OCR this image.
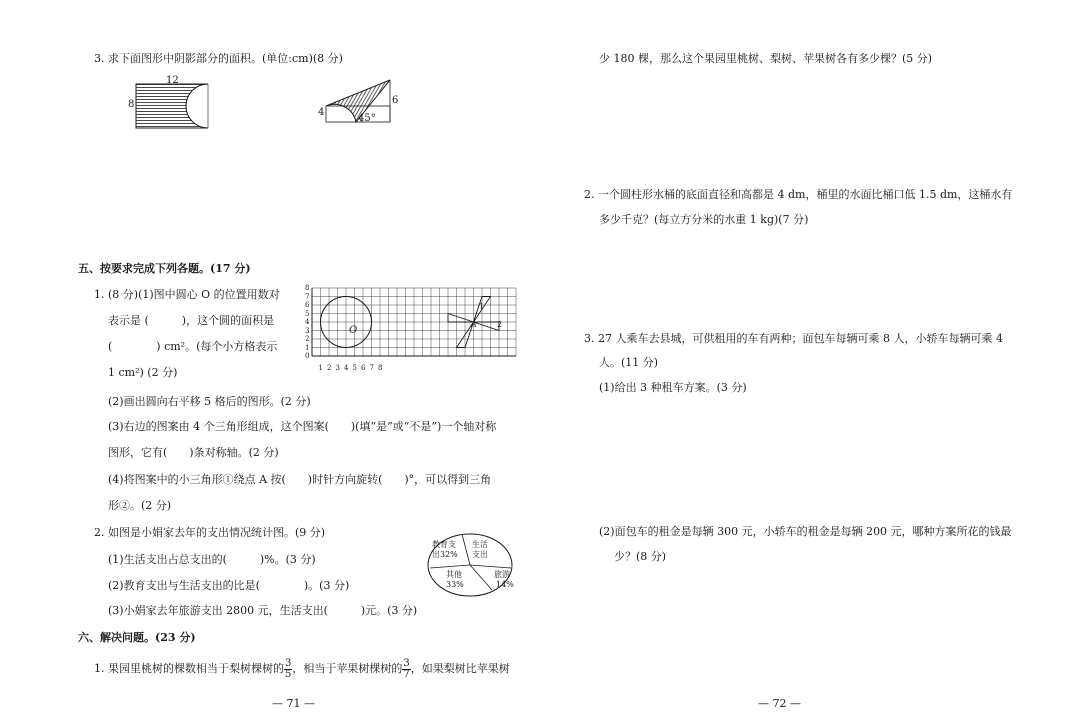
3. 求下面图形中阴影部分的面积。(单位:cm)(8 分)
12
8
4
6
45°
五、按要求完成下列各题。(17 分)
1. (8 分)(1)图中圆心 O 的位置用数对
表示是 (　　　)，这个圆的面积是
(　　　　) cm²。(每个小方格表示
1 cm²) (2 分)
8
7
6
5
4
3
2
1
0
1 2 3 4 5 6 7 8
O
1
2
A
(2)画出圆向右平移 5 格后的图形。(2 分)
(3)右边的图案由 4 个三角形组成，这个图案(　　)(填“是”或“不是”)一个轴对称
图形，它有(　　)条对称轴。(2 分)
(4)将图案中的小三角形①绕点 A 按(　　)时针方向旋转(　　)°，可以得到三角
形②。(2 分)
2. 如图是小娟家去年的支出情况统计图。(9 分)
(1)生活支出占总支出的(　　　)%。(3 分)
(2)教育支出与生活支出的比是(　　　　)。(3 分)
(3)小娟家去年旅游支出 2800 元，生活支出(　　　)元。(3 分)
教育支
出32%
生活
支出
其他
33%
旅游
14%
六、解决问题。(23 分)
1. 果园里桃树的棵数相当于梨树棵树的 $\frac{3}{5}$ ，相当于苹果树棵树的 $\frac{3}{7}$ ，如果梨树比苹果树
— 71 —
少 180 棵，那么这个果园里桃树、梨树、苹果树各有多少棵？(5 分)
2. 一个圆柱形水桶的底面直径和高都是 4 dm，桶里的水面比桶口低 1.5 dm，这桶水有
多少千克？(每立方分米的水重 1 kg)(7 分)
3. 27 人乘车去县城，可供租用的车有两种；面包车每辆可乘 8 人，小轿车每辆可乘 4
人。(11 分)
(1)给出 3 种租车方案。(3 分)
(2)面包车的租金是每辆 300 元，小轿车的租金是每辆 200 元，哪种方案所花的钱最
少？(8 分)
— 72 —
